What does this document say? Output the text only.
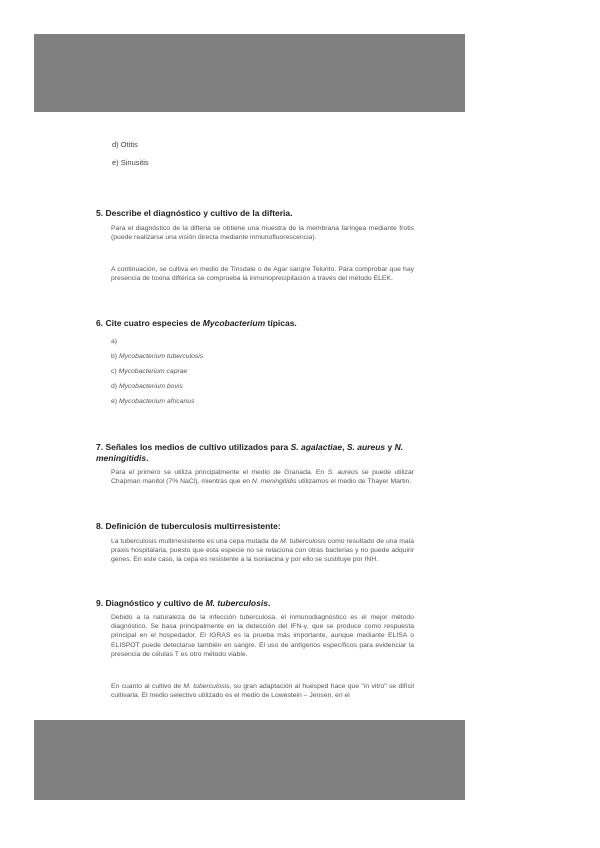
d) Otitis
e) Sinusitis
5. Describe el diagnóstico y cultivo de la difteria.
Para el diagnóstico de la difteria se obtiene una muestra de la membrana faríngea mediante frotis (puede realizarse una visión directa mediante inmunofluorescencia).
A continuación, se cultiva en medio de Tinsdale o de Agar sangre Telurito. Para comprobar que hay presencia de toxina diftérica se comprueba la inmunoprecipitación a través del método ELEK.
6. Cite cuatro especies de Mycobacterium típicas.
a)
b) Mycobacterium tuberculosis
c) Mycobacterium caprae
d) Mycobacterium bovis
e) Mycobacterium africanus
7. Señales los medios de cultivo utilizados para S. agalactiae, S. aureus y N. meningitidis.
Para el primero se utiliza principalmente el medio de Granada. En S. aureus se puede utilizar Chapman manitol (7% NaCl), mientras que en N. meningitidis utilizamos el medio de Thayer Martin.
8. Definición de tuberculosis multirresistente:
La tuberculosis multirresistente es una cepa mutada de M. tuberculosis como resultado de una mala praxis hospitalaria, puesto que esta especie no se relaciona con otras bacterias y no puede adquirir genes. En este caso, la cepa es resistente a la isoniacina y por ello se sustituye por INH.
9. Diagnóstico y cultivo de M. tuberculosis.
Debido a la naturaleza de la infección tuberculosa, el inmunodiagnóstico es el mejor método diagnóstico. Se basa principalmente en la detección del IFN-γ, que se produce como respuesta principal en el hospedador. El IGRAS es la prueba más importante, aunque mediante ELISA o ELISPOT puede detectarse también en sangre. El uso de antígenos específicos para evidenciar la presencia de células T es otro método viable.
En cuanto al cultivo de M. tuberculosis, su gran adaptación al huésped hace que "in vitro" se difícil cultivarla. El medio selectivo utilizado es el medio de Lowestein – Jensen, en el
